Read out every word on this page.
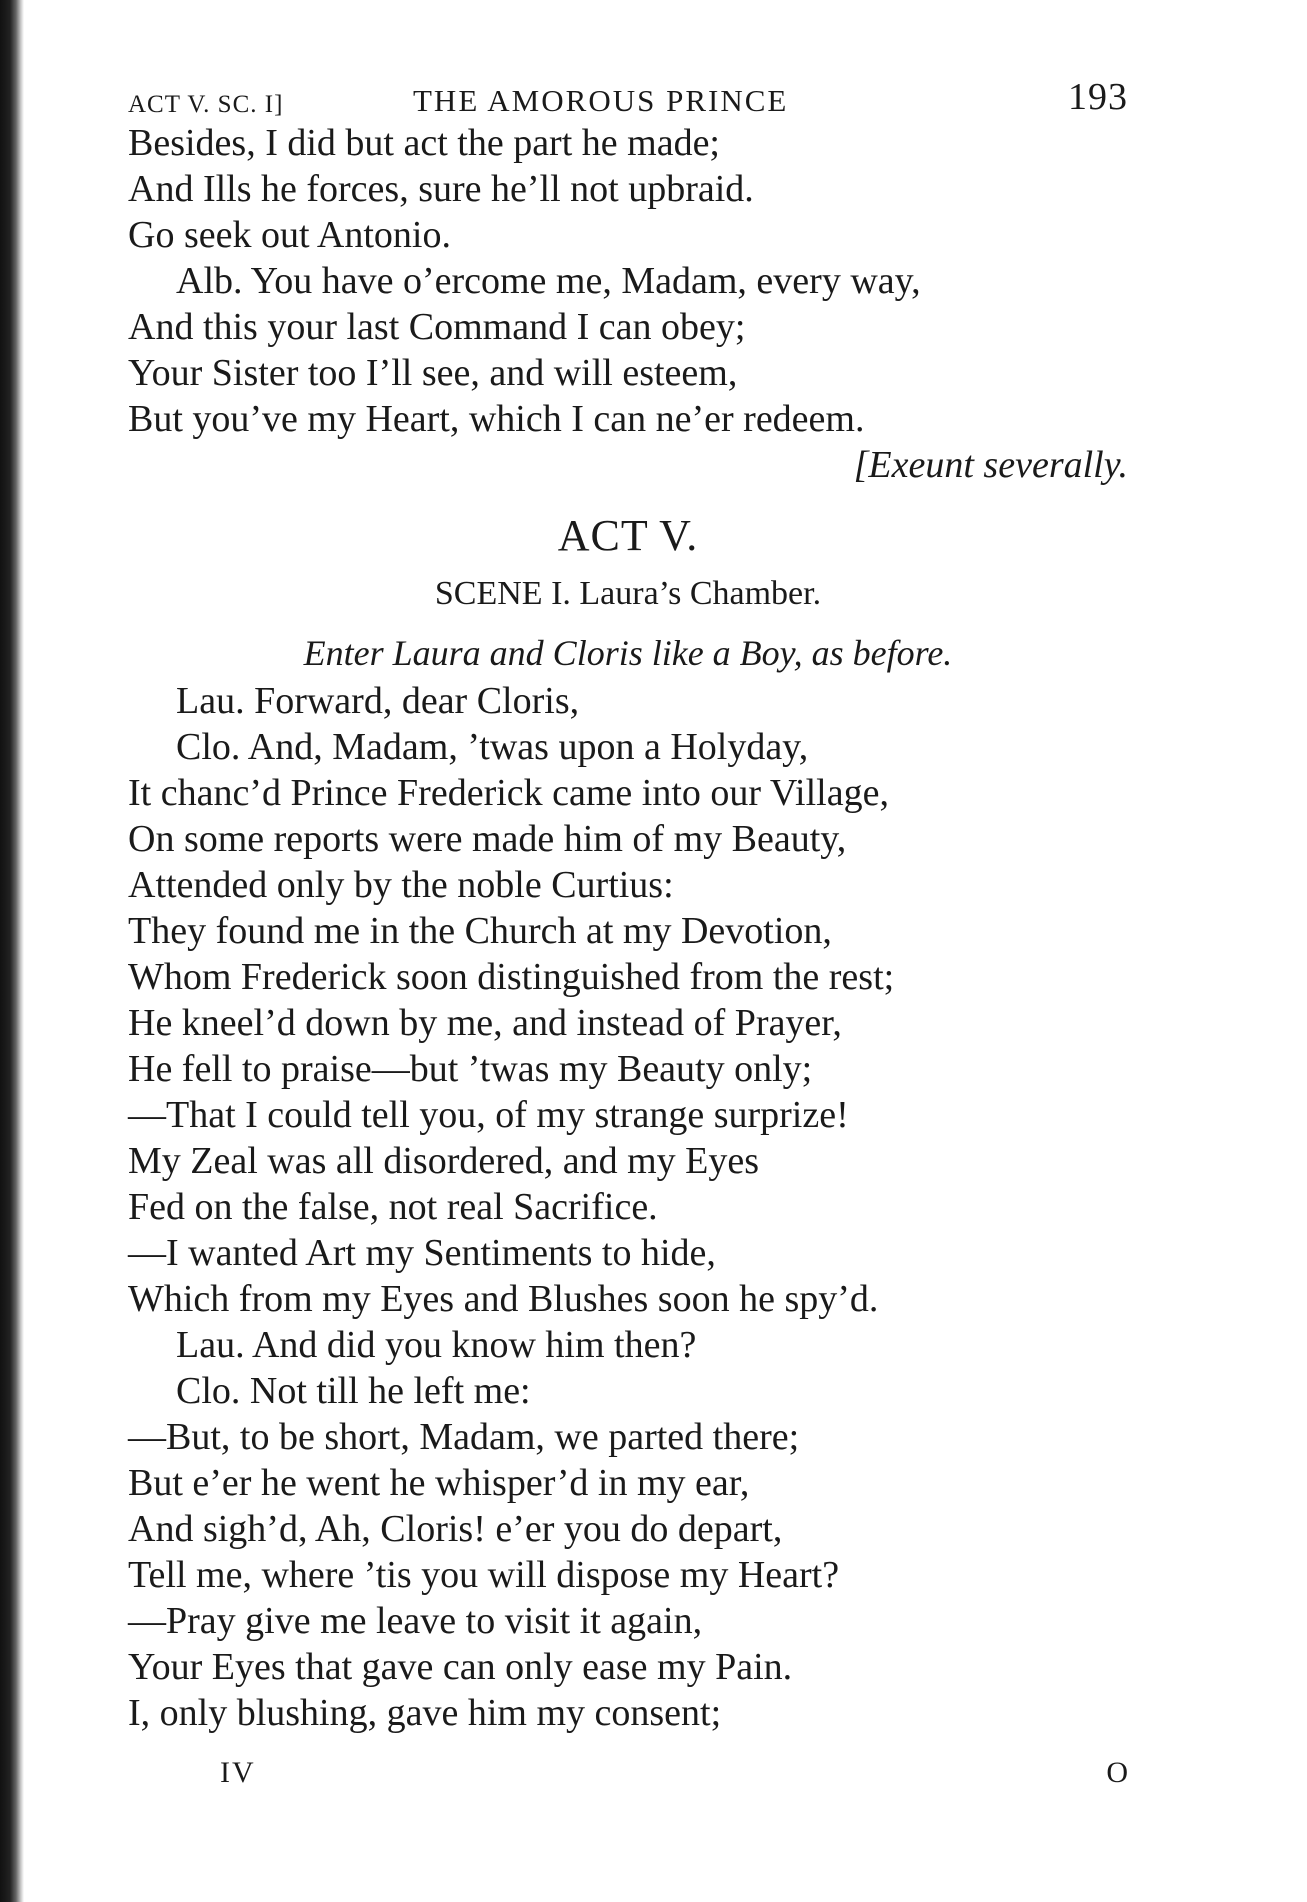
ACT V. SC. I]	THE AMOROUS PRINCE	193
Besides, I did but act the part he made;
And Ills he forces, sure he’ll not upbraid.
Go seek out Antonio.
Alb. You have o’ercome me, Madam, every way,
And this your last Command I can obey;
Your Sister too I’ll see, and will esteem,
But you’ve my Heart, which I can ne’er redeem.
[Exeunt severally.
ACT V.
SCENE I. Laura’s Chamber.
Enter Laura and Cloris like a Boy, as before.
Lau. Forward, dear Cloris,
Clo. And, Madam, ’twas upon a Holyday,
It chanc’d Prince Frederick came into our Village,
On some reports were made him of my Beauty,
Attended only by the noble Curtius:
They found me in the Church at my Devotion,
Whom Frederick soon distinguished from the rest;
He kneel’d down by me, and instead of Prayer,
He fell to praise—but ’twas my Beauty only;
—That I could tell you, of my strange surprize!
My Zeal was all disordered, and my Eyes
Fed on the false, not real Sacrifice.
—I wanted Art my Sentiments to hide,
Which from my Eyes and Blushes soon he spy’d.
Lau. And did you know him then?
Clo. Not till he left me:
—But, to be short, Madam, we parted there;
But e’er he went he whisper’d in my ear,
And sigh’d, Ah, Cloris! e’er you do depart,
Tell me, where ’tis you will dispose my Heart?
—Pray give me leave to visit it again,
Your Eyes that gave can only ease my Pain.
I, only blushing, gave him my consent;
IV	O
